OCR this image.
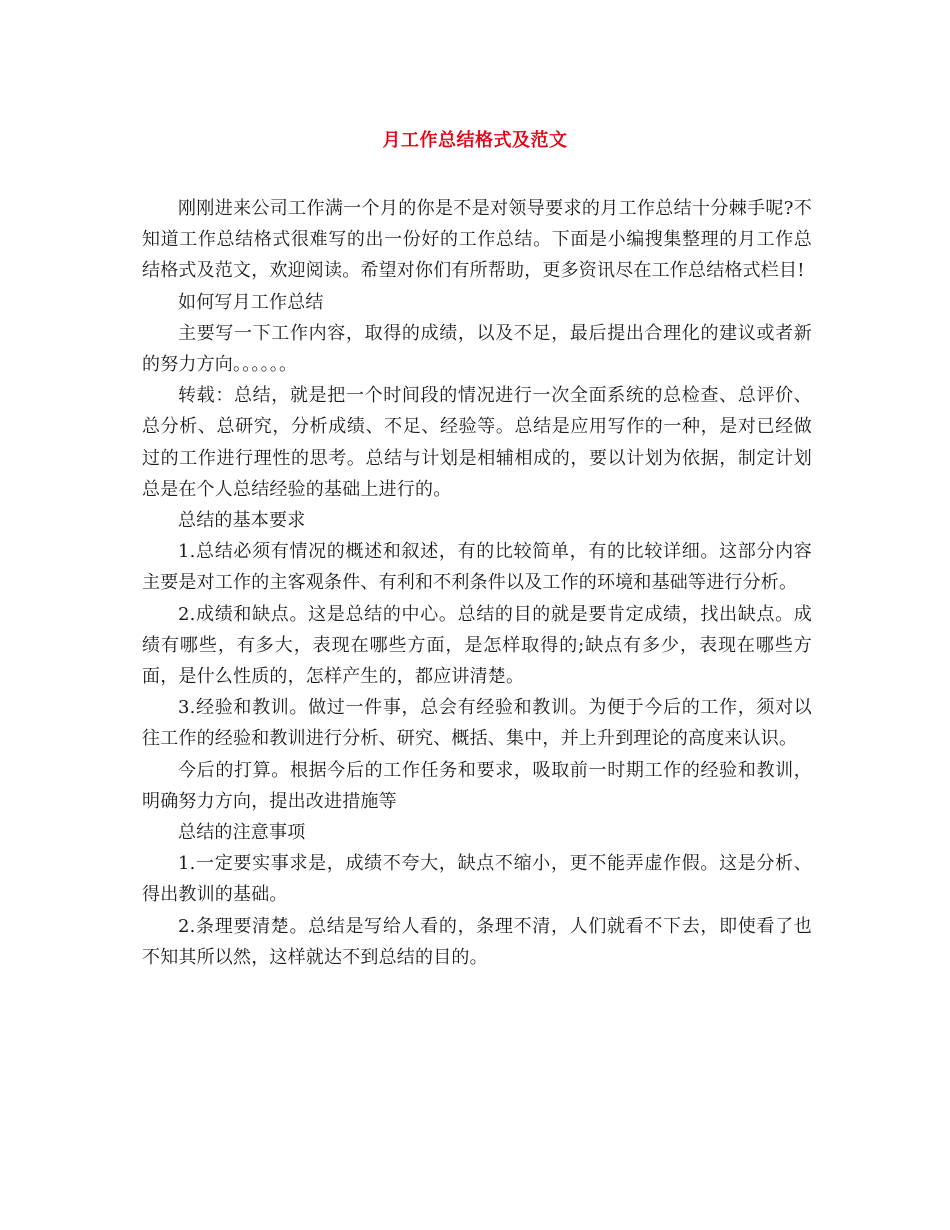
月工作总结格式及范文

刚刚进来公司工作满一个月的你是不是对领导要求的月工作总结十分棘手呢?不知道工作总结格式很难写的出一份好的工作总结。下面是小编搜集整理的月工作总结格式及范文，欢迎阅读。希望对你们有所帮助，更多资讯尽在工作总结格式栏目!

如何写月工作总结

主要写一下工作内容，取得的成绩，以及不足，最后提出合理化的建议或者新的努力方向。。。。。。

转载：总结，就是把一个时间段的情况进行一次全面系统的总检查、总评价、总分析、总研究，分析成绩、不足、经验等。总结是应用写作的一种，是对已经做过的工作进行理性的思考。总结与计划是相辅相成的，要以计划为依据，制定计划总是在个人总结经验的基础上进行的。

总结的基本要求

1.总结必须有情况的概述和叙述，有的比较简单，有的比较详细。这部分内容主要是对工作的主客观条件、有利和不利条件以及工作的环境和基础等进行分析。

2.成绩和缺点。这是总结的中心。总结的目的就是要肯定成绩，找出缺点。成绩有哪些，有多大，表现在哪些方面，是怎样取得的;缺点有多少，表现在哪些方面，是什么性质的，怎样产生的，都应讲清楚。

3.经验和教训。做过一件事，总会有经验和教训。为便于今后的工作，须对以往工作的经验和教训进行分析、研究、概括、集中，并上升到理论的高度来认识。

今后的打算。根据今后的工作任务和要求，吸取前一时期工作的经验和教训，明确努力方向，提出改进措施等

总结的注意事项

1.一定要实事求是，成绩不夸大，缺点不缩小，更不能弄虚作假。这是分析、得出教训的基础。

2.条理要清楚。总结是写给人看的，条理不清，人们就看不下去，即使看了也不知其所以然，这样就达不到总结的目的。
